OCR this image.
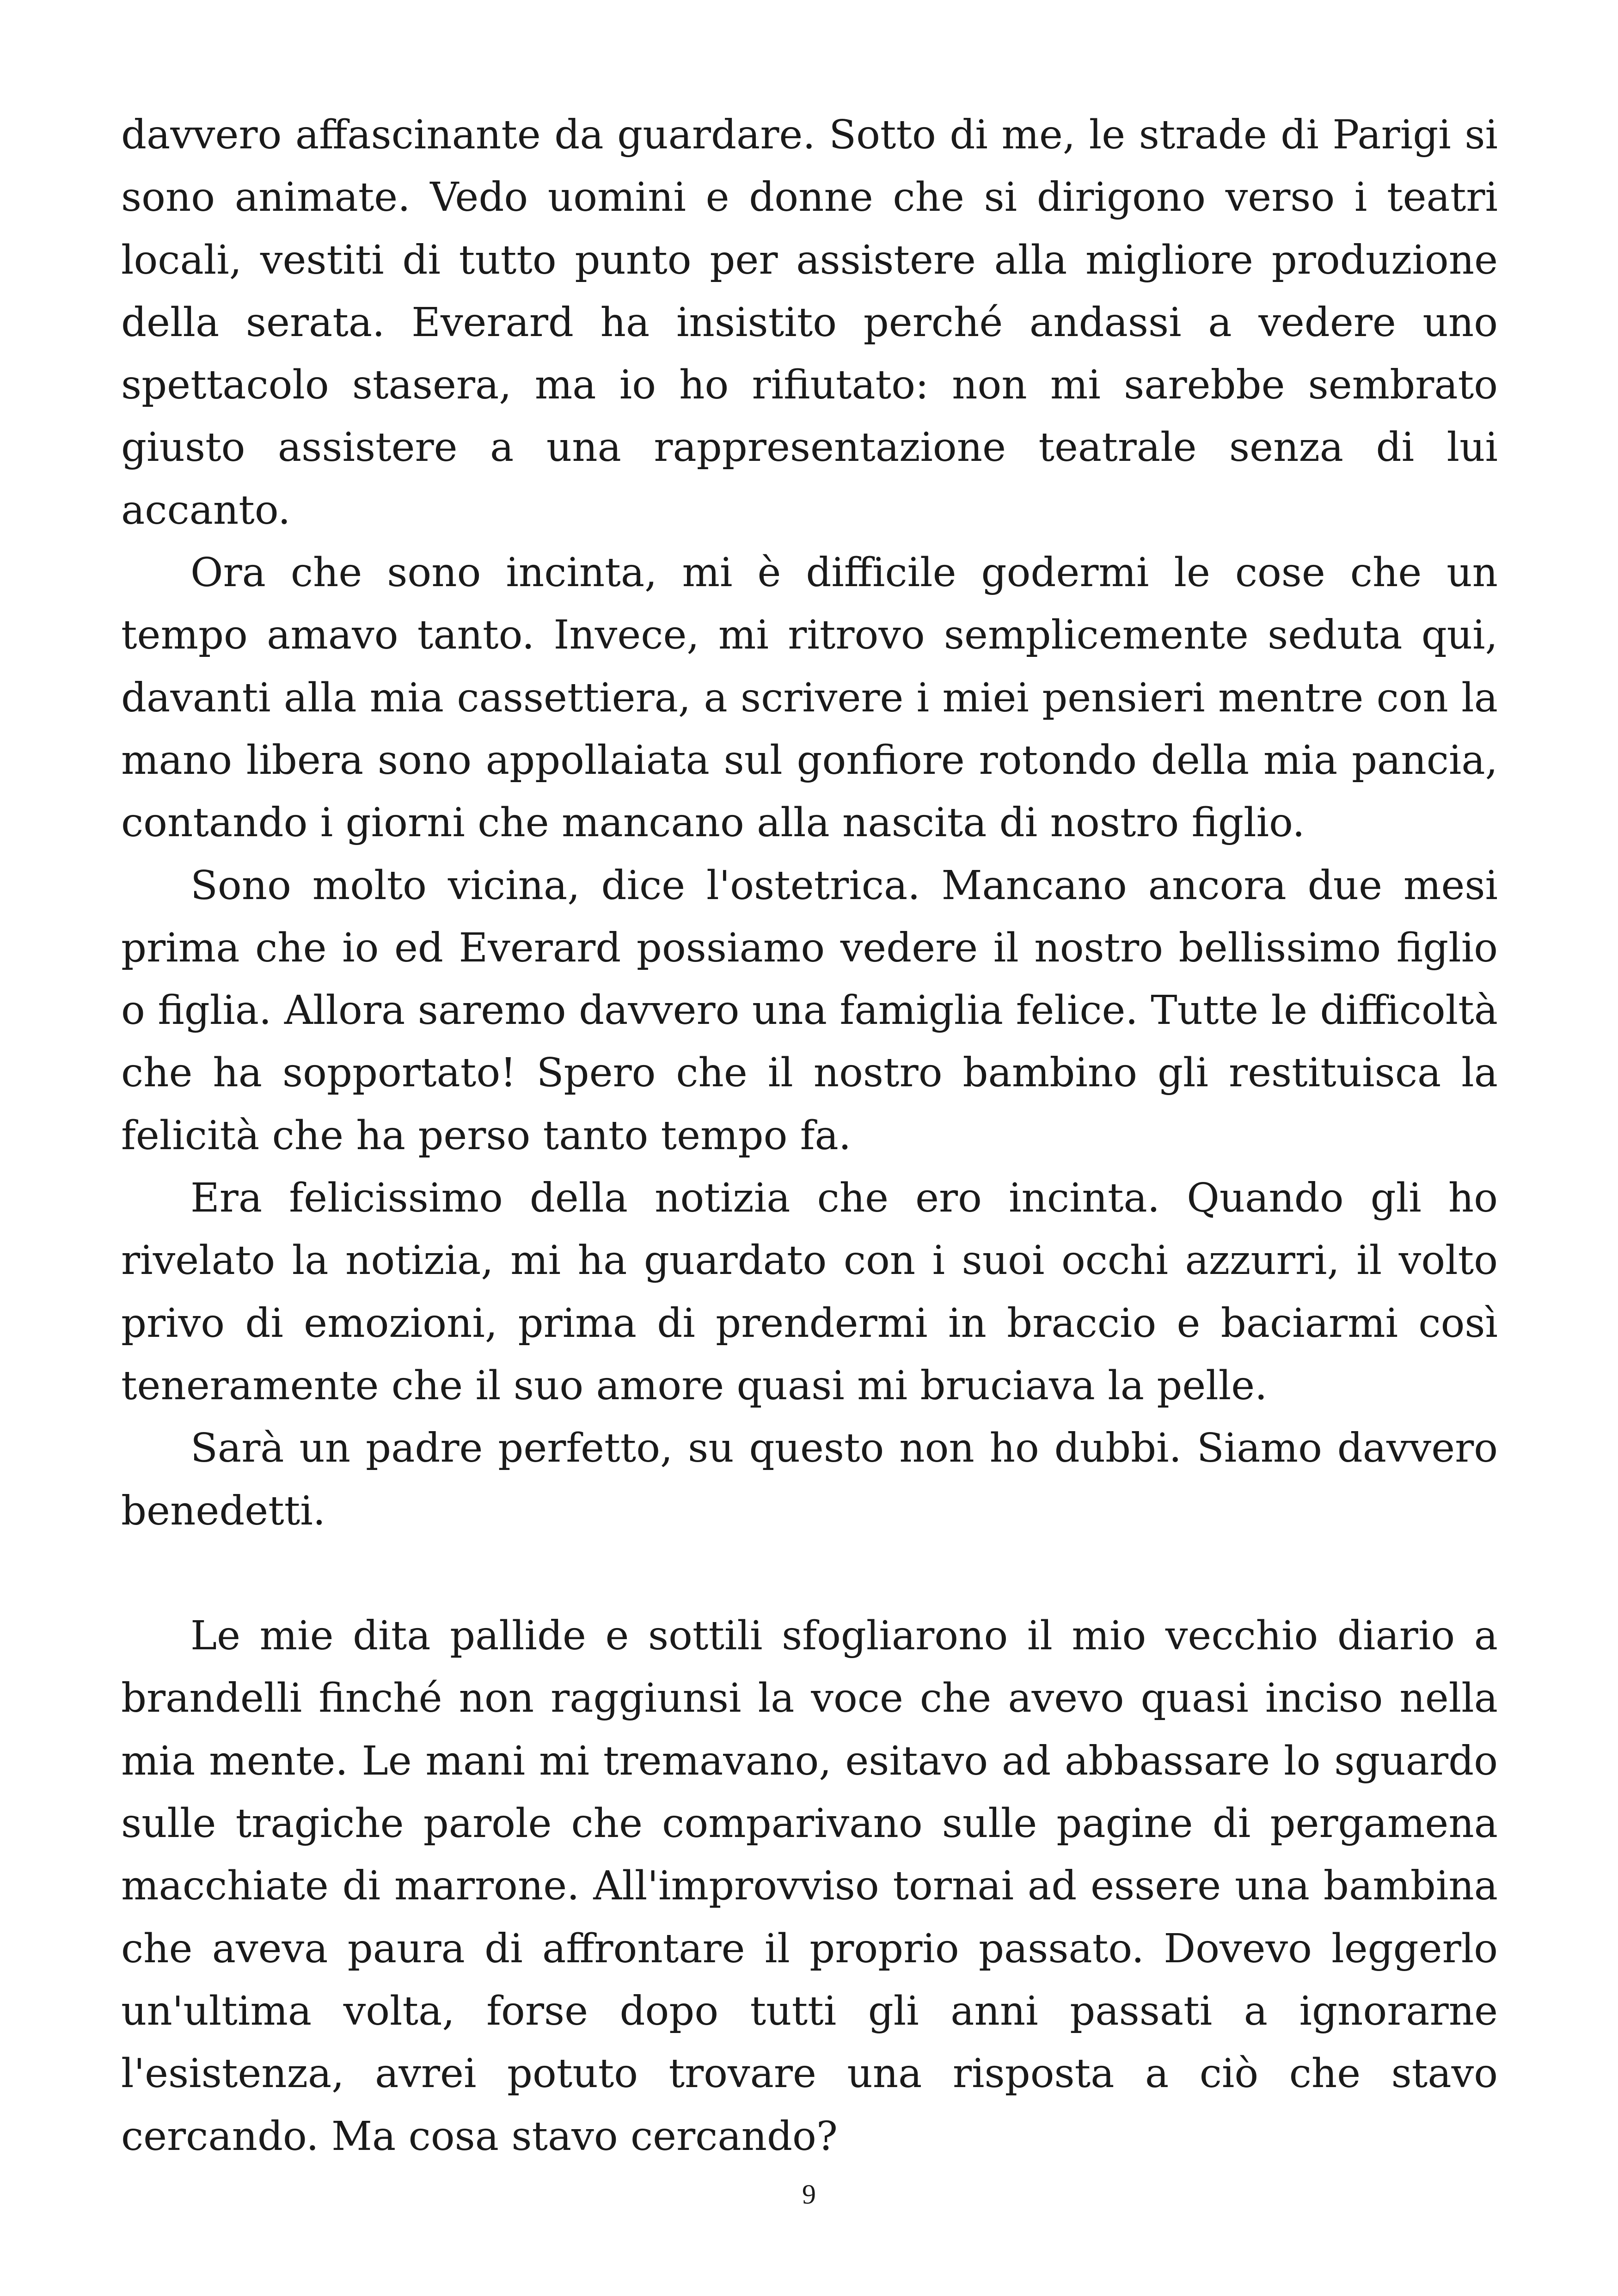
davvero affascinante da guardare. Sotto di me, le strade di Parigi si sono animate. Vedo uomini e donne che si dirigono verso i teatri locali, vestiti di tutto punto per assistere alla migliore produzione della serata. Everard ha insistito perché andassi a vedere uno spettacolo stasera, ma io ho rifiutato: non mi sarebbe sembrato giusto assistere a una rappresentazione teatrale senza di lui accanto.

Ora che sono incinta, mi è difficile godermi le cose che un tempo amavo tanto. Invece, mi ritrovo semplicemente seduta qui, davanti alla mia cassettiera, a scrivere i miei pensieri mentre con la mano libera sono appollaiata sul gonfiore rotondo della mia pancia, contando i giorni che mancano alla nascita di nostro figlio.

Sono molto vicina, dice l'ostetrica. Mancano ancora due mesi prima che io ed Everard possiamo vedere il nostro bellissimo figlio o figlia. Allora saremo davvero una famiglia felice. Tutte le difficoltà che ha sopportato! Spero che il nostro bambino gli restituisca la felicità che ha perso tanto tempo fa.

Era felicissimo della notizia che ero incinta. Quando gli ho rivelato la notizia, mi ha guardato con i suoi occhi azzurri, il volto privo di emozioni, prima di prendermi in braccio e baciarmi così teneramente che il suo amore quasi mi bruciava la pelle.

Sarà un padre perfetto, su questo non ho dubbi. Siamo davvero benedetti.

Le mie dita pallide e sottili sfogliarono il mio vecchio diario a brandelli finché non raggiunsi la voce che avevo quasi inciso nella mia mente. Le mani mi tremavano, esitavo ad abbassare lo sguardo sulle tragiche parole che comparivano sulle pagine di pergamena macchiate di marrone. All'improvviso tornai ad essere una bambina che aveva paura di affrontare il proprio passato. Dovevo leggerlo un'ultima volta, forse dopo tutti gli anni passati a ignorarne l'esistenza, avrei potuto trovare una risposta a ciò che stavo cercando. Ma cosa stavo cercando?

9
